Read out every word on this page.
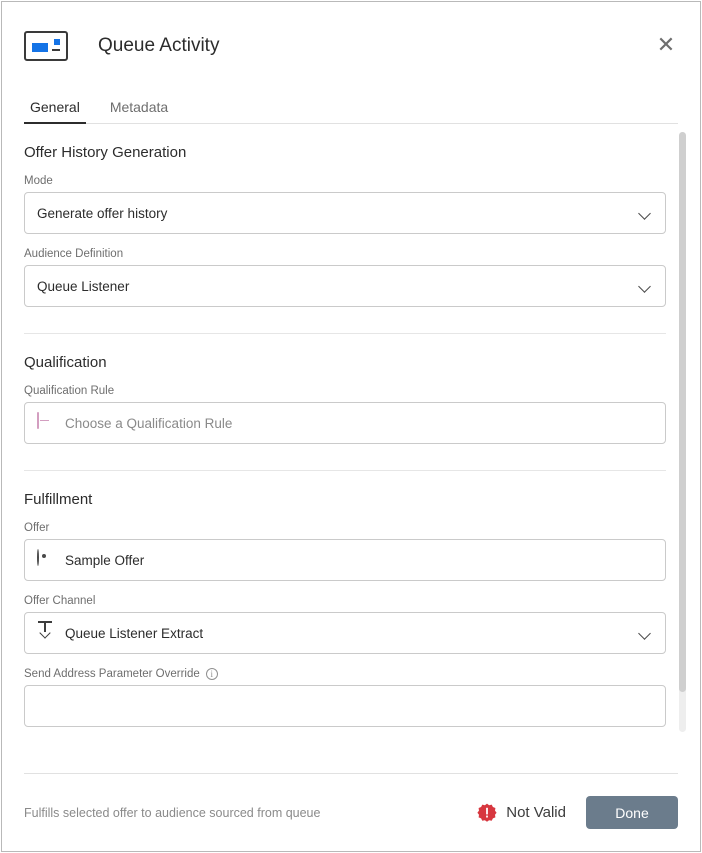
Queue Activity	✕
General	Metadata
Offer History Generation
Mode
Generate offer history
Audience Definition
Queue Listener
Qualification
Qualification Rule
Choose a Qualification Rule
Fulfillment
Offer
Sample Offer
Offer Channel
Queue Listener Extract
Send Address Parameter Override	i
Fulfills selected offer to audience sourced from queue	Not Valid	Done
